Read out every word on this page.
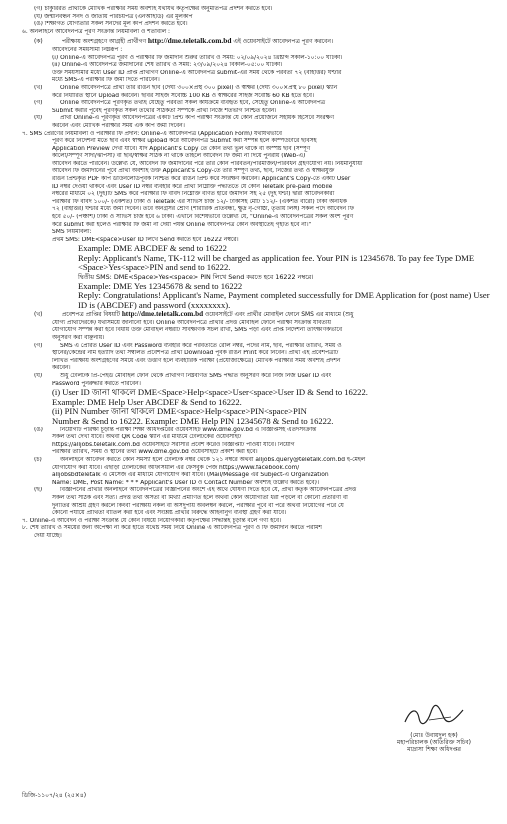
(গ) চাকুরিরত প্রার্থীকে মৌখিক পরীক্ষার সময় অবশ্যই যথাযথ কর্তৃপক্ষের অনুমতিপত্র প্রদর্শন করতে হবে।
(ঘ) জন্মনিবন্ধন সনদ ও জাতীয় পরিচয়পত্র (এনআইডি) এর মূলকপি
(ঙ) শিক্ষাগত যোগ্যতার সকল সনদের মূল কপি প্রদর্শন করতে হবে।
৬. অনলাইনে আবেদনপত্র পূরণ সংক্রান্ত নিয়মাবলী ও শর্তাবলি :
(ক)	পরীক্ষায় অংশগ্রহণে আগ্রহী প্রার্থীগণ http://dme.teletalk.com.bd এই ওয়েবসাইটে আবেদনপত্র পূরণ করবেন।
আবেদনের সময়সীমা নিম্নরূপ :
(i) Online-এ আবেদনপত্র পূরণ ও পরীক্ষার ফি জমাদান শুরুর তারিখ ও সময়: ০২/০৯/২০২৪ খ্রিষ্টাব্দ সকাল-১০:০০ ঘটিকা।
(ii) Online-এ আবেদনপত্র জমাদানের শেষ তারিখ ও সময়: ২৩/০৯/২০২৪ বিকাল-০৫:০০ ঘটিকা।
উক্ত সময়সীমার মধ্যে User ID প্রাপ্ত প্রার্থীগণ Online-এ আবেদনপত্র submit-এর সময় থেকে পরবর্তী ৭২ (বাহাত্তর) ঘণ্টার
মধ্যে SMS-এ পরীক্ষার ফি জমা দিতে পারবেন।
(খ)	Online আবেদনপত্রে প্রার্থী তার রঙিন ছবি (দৈর্ঘ্য ৩০০×প্রস্থ ৩০০ pixel) ও স্বাক্ষর (দৈর্ঘ্য ৩০০×প্রস্থ ৮০ pixel) স্ক্যান
করে নির্ধারিত স্থানে Upload করবেন। ছবির সাইজ সর্বোচ্চ 100 KB ও স্বাক্ষরের সাইজ সর্বোচ্চ 60 KB হতে হবে।
(গ)	Online আবেদনপত্রে পূরণকৃত তথ্যই যেহেতু পরবর্তী সকল কার্যক্রমে ব্যবহৃত হবে, সেহেতু Online-এ আবেদনপত্র
Submit করার পূর্বেই পূরণকৃত সকল তথ্যের সঠিকতা সম্পর্কে প্রার্থী নিজে শতভাগ নিশ্চিত হবেন।
(ঘ)	প্রার্থী Online-এ পূরণকৃত আবেদনপত্রের একটি প্রিন্ট কপি পরীক্ষা সংক্রান্ত যে কোন প্রয়োজনে সহায়ক হিসেবে সংরক্ষণ
করবেন এবং মৌখিক পরীক্ষার সময় এক কপি জমা দিবেন।
৭. SMS প্রেরণের নিয়মাবলী ও পরীক্ষার ফি প্রদান: Online-এ আবেদনপত্র (Application Form) যথাযথভাবে
পূরণ করে নির্দেশনা মতে ছবি এবং স্বাক্ষর upload করে আবেদনপত্র Submit করা সম্পন্ন হলে কম্পিউটারে ছবিসহ
Application Preview দেখা যাবে। যদি Applicant's Copy তে কোন তথ্য ভুল থাকে বা অস্পষ্ট ছবি (সম্পূর্ণ
কালো/সম্পূর্ণ সাদা/ঝাপসা) বা ছবি/স্বাক্ষর সঠিক না থাকে তাহলে আবেদন ফি জমা না দিয়ে পুনরায় (Web-এ)
আবেদন করতে পারবেন। উল্লেখ্য যে, আবেদন ফি জমাদানের পরে তার কোন পরিবর্তন/পরিমার্জন/পরিবর্ধন গ্রহণযোগ্য নয়। নিয়মানুযায়ী
আবেদন ফি জমাদানের পূর্বে প্রার্থী অবশ্যই উক্ত Applicant's Copy-তে তার সম্পূর্ণ তথ্য, ছবি, নিজের তথ্য ও স্বাক্ষরযুক্ত
রঙিন প্রিন্টকৃত PDF কপি ডাউনলোডপূর্বক নিশ্চিত করে রঙিন প্রিন্ট করে সংরক্ষণ করবেন। Applicant's Copy-তে একটি User
ID নম্বর দেওয়া থাকবে এবং User ID নম্বর ব্যবহার করে প্রার্থী নিম্নোক্ত পদ্ধতিতে যে কোন Teletalk pre-paid mobile
নম্বরের মাধ্যমে ০২ (দুই)টি SMS করে পরীক্ষার ফি বাবদ নিম্নোক্ত বর্ণিত হারে জমাদান সহ ২৫ (দুই ঘন্টা) দ্বারা আবেদনকারী
পরীক্ষার ফি বাবদ ১০০/- (একশত) টাকা ও Teletalk এর সার্ভিস চার্জ ১২/- টাকাসহ মোট ১১২/- (একশত বারো) টাকা অনধিক
৭২ (বাহাত্তর) ঘন্টার মধ্যে জমা দিবেন। তবে অনগ্রসর শ্রেণি (শারীরিক প্রতিবন্ধী, ক্ষুদ্র নৃ-গোষ্ঠী, তৃতীয় লিঙ্গ) সকল পদে আবেদন ফি
হবে ৫০/- (পঞ্চাশ) টাকা ও সার্ভিস চার্জ হবে ৬ টাকা। এখানে বিশেষভাবে উল্লেখ্য যে, "Online-এ আবেদনপত্রের সকল অংশ পূরণ
করে submit করা হলেও পরীক্ষার ফি জমা না দেয়া পর্যন্ত Online আবেদনপত্র কোন অবস্থাতেই গৃহীত হবে না।"
SMS নিয়মাবলী:
প্রথম SMS: DME<space>User ID লিখে Send করতে হবে 16222 নম্বরে।
Example: DME ABCDEF & send to 16222
Reply: Applicant's Name, TK-112 will be charged as application fee. Your PIN is 12345678. To pay fee Type DME <Space>Yes<space>PIN and send to 16222.
দ্বিতীয় SMS: DME<Space>Yes<space> PIN লিখে Send করতে হবে 16222 নম্বরে।
Example: DME Yes 12345678 & send to 16222
Reply: Congratulations! Applicant's Name, Payment completed successfully for DME Application for (post name) User ID is (ABCDEF) and password (xxxxxxxx).
(খ)	প্রবেশপত্র প্রাপ্তির বিষয়টি http://dme.teletalk.com.bd ওয়েবসাইটে এবং প্রার্থীর মোবাইল ফোনে SMS এর মাধ্যমে (শুধু
যোগ্য প্রার্থীদেরকে) যথাসময়ে জানানো হবে। Online আবেদনপত্রে প্রার্থীর প্রদত্ত মোবাইল ফোনে পরীক্ষা সংক্রান্ত যাবতীয়
যোগাযোগ সম্পন্ন করা হবে বিধায় উক্ত মোবাইল নম্বরটি সার্বক্ষণিক সচল রাখা, SMS পড়া এবং প্রাপ্ত নির্দেশনা তাৎক্ষণিকভাবে
অনুসরণ করা বাঞ্ছনীয়।
(গ)	SMS এ প্রেরিত User ID এবং Password ব্যবহার করে পরবর্তীতে রোল নম্বর, পদের নাম, ছবি, পরীক্ষার তারিখ, সময় ও
স্থানের/কেন্দ্রের নাম ইত্যাদি তথ্য সম্বলিত প্রবেশপত্র প্রার্থী Download পূর্বক রঙিন Print করে নিবেন। প্রার্থী এই প্রবেশপত্রটি
লিখিত পরীক্ষায় অংশগ্রহণের সময়ে এবং উত্তীর্ণ হলে ব্যবহারিক পরীক্ষা (প্রযোজ্যক্ষেত্রে) মৌখিক পরীক্ষার সময় অবশ্যই প্রদর্শন
করবেন।
(ঘ)	শুধু টেলিটক প্রি-পেইড মোবাইল ফোন থেকে প্রার্থীগণ নিম্নবর্ণিত SMS পদ্ধতি অনুসরণ করে নিজ নিজ User ID এবং
Password পুনরুদ্ধার করতে পারবেন।
(i) User ID জানা থাকলে DME<Space>Help<space>User<space>User ID & Send to 16222.
Example: DME Help User ABCDEF & Send to 16222.
(ii) PIN Number জানা থাকলে DME<space>Help<space>PIN<space>PIN
Number & Send to 16222. Example: DME Help PIN 12345678 & Send to 16222.
(ঙ)	নিয়োগটি পরিক্ষা চূড়ান্ত পরীক্ষা শিক্ষা অধিদপ্তরের ওয়েবসাইট www.dme.gov.bd এ বিজ্ঞপ্তিসহ এতদসংক্রান্ত
সকল তথ্য দেখা যাবে। অথবা QR Code স্ক্যান এর মাধ্যমে টেলিটকের ওয়েবসাইট
https://alljobs.teletalk.com.bd ওয়েবসাইটে সরাসরি প্রবেশ করেও বিজ্ঞপ্তিটি পাওয়া যাবে। নিয়োগ
পরীক্ষার তারিখ, সময় ও স্থানের তথ্য www.dme.gov.bd ওয়েবসাইটে প্রকাশ করা হবে।
(চ)	অনলাইনে আবেদন করতে কোন সমস্যা হলে টেলিটক নম্বর থেকে ১২১ নম্বরে অথবা alljobs.query@teletalk.com.bd ই-মেইল
যোগাযোগ করা যাবে। এছাড়া টেলিটকের অফিসিয়াল এর ফেসবুক পেজ https://www.facebook.com/
alljobsbdteletalk এ মেসেজ এর মাধ্যমে যোগাযোগ করা যাবে। (Mail/Message এর Subject-এ Organization
Name: DME, Post Name: * * * Applicant's User ID ও Contact Number অবশ্যই উল্লেখ করতে হবে)।
(ছ)	বিজ্ঞাপনের প্রার্থীর অনলাইনে আবেদনপত্রের বিজ্ঞাপনের অংশে এই অর্থে ঘোষণা দিতে হবে যে, প্রার্থী কর্তৃক আবেদনপত্রের প্রদত্ত
সকল তথ্য সঠিক এবং সত্য। প্রদত্ত তথ্য অসত্য বা মিথ্যা প্রমাণিত হলে অথবা কোন অযোগ্যতা ধরা পড়লে বা কোনো প্রতারণা বা
দুর্নীতির আশ্রয় গ্রহণ করলে কিংবা পরীক্ষায় নকল বা অসদুপায় অবলম্বন করলে, পরীক্ষার পূর্বে বা পরে অথবা নিয়োগের পরে যে
কোনো পর্যায়ে প্রার্থিতা বাতিল করা হবে এবং সংশ্লিষ্ট প্রার্থীর বিরুদ্ধে আইনানুগ ব্যবস্থা গ্রহণ করা যাবে।
৭. Online-এ আবেদন ও পরীক্ষা সংক্রান্ত যে কোন বিষয়ে নিয়োগকারী কর্তৃপক্ষের সিদ্ধান্তই চূড়ান্ত বলে গণ্য হবে।
৮. শেষ তারিখ ও সময়ের জন্য অপেক্ষা না করে হাতে যথেষ্ট সময় নিয়ে Online এ আবেদনপত্র পূরণ ও ফি জমাদান করতে পরামর্শ
দেয়া যাচ্ছে।
(মোঃ উবায়দুল হক)
মহাপরিচালক (অতিরিক্ত সচিব)
মাদ্রাসা শিক্ষা অধিদপ্তর
ডিজি-১১০৭/২৪ (২৫×৪)
